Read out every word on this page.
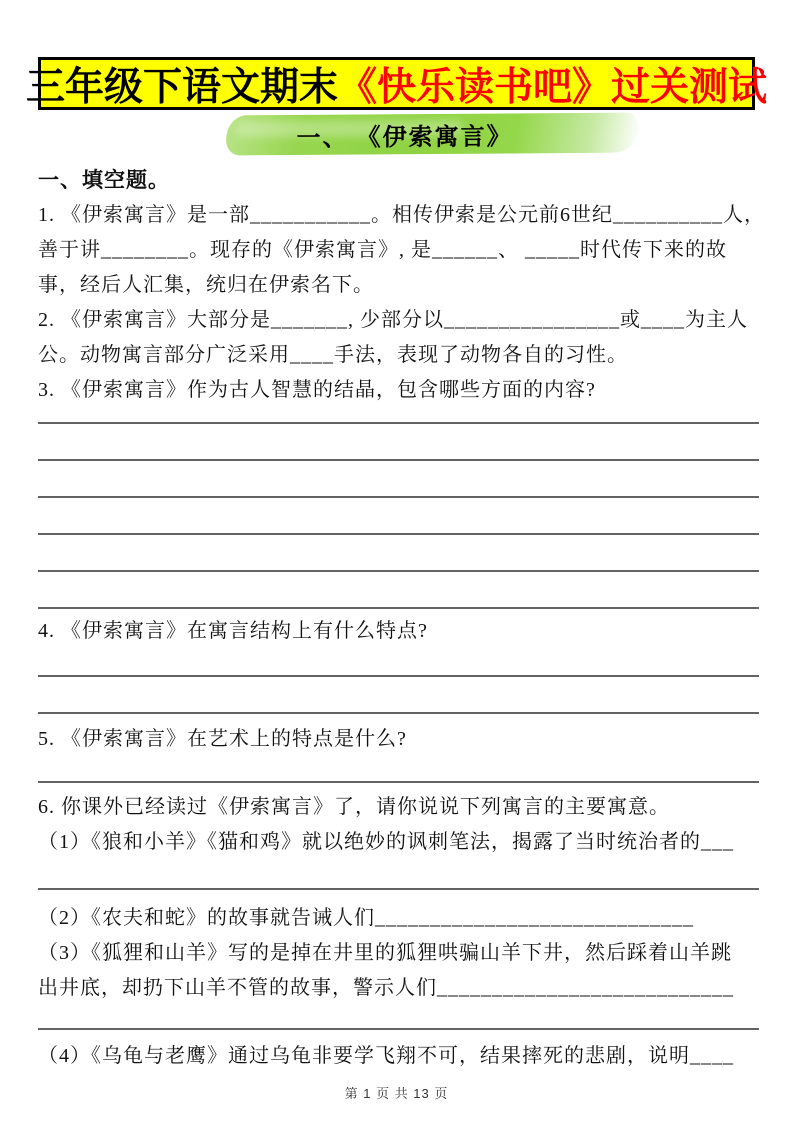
三年级下语文期末 《快乐读书吧》过关测试
一、 《伊索寓言》
一、填空题。
1. 《伊索寓言》是一部___________。相传伊索是公元前6世纪__________人，
善于讲________。现存的《伊索寓言》, 是______、 _____时代传下来的故
事，经后人汇集，统归在伊索名下。
2. 《伊索寓言》大部分是_______, 少部分以________________或____为主人
公。动物寓言部分广泛采用____手法，表现了动物各自的习性。
3. 《伊索寓言》作为古人智慧的结晶，包含哪些方面的内容?
4. 《伊索寓言》在寓言结构上有什么特点?
5. 《伊索寓言》在艺术上的特点是什么?
6. 你课外已经读过《伊索寓言》了，请你说说下列寓言的主要寓意。
（1）《狼和小羊》《猫和鸡》就以绝妙的讽刺笔法，揭露了当时统治者的___
（2）《农夫和蛇》的故事就告诫人们_____________________________
（3）《狐狸和山羊》写的是掉在井里的狐狸哄骗山羊下井，然后踩着山羊跳
出井底，却扔下山羊不管的故事，警示人们___________________________
（4）《乌龟与老鹰》通过乌龟非要学飞翔不可，结果摔死的悲剧，说明____
第 1 页 共 13 页
